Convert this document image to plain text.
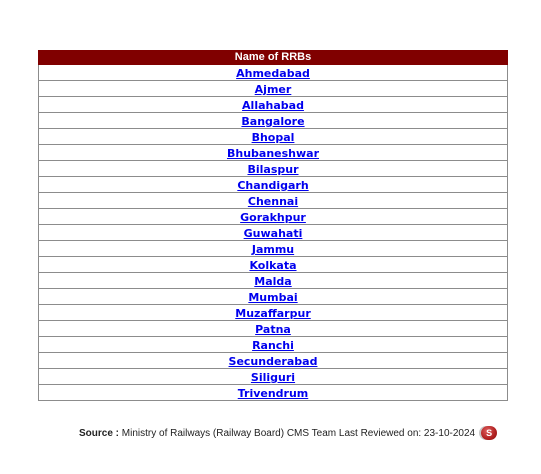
Name of RRBs
Ahmedabad
Ajmer
Allahabad
Bangalore
Bhopal
Bhubaneshwar
Bilaspur
Chandigarh
Chennai
Gorakhpur
Guwahati
Jammu
Kolkata
Malda
Mumbai
Muzaffarpur
Patna
Ranchi
Secunderabad
Siliguri
Trivendrum
Source :
Ministry of Railways (Railway Board) CMS Team Last Reviewed on: 23-10-2024	S
